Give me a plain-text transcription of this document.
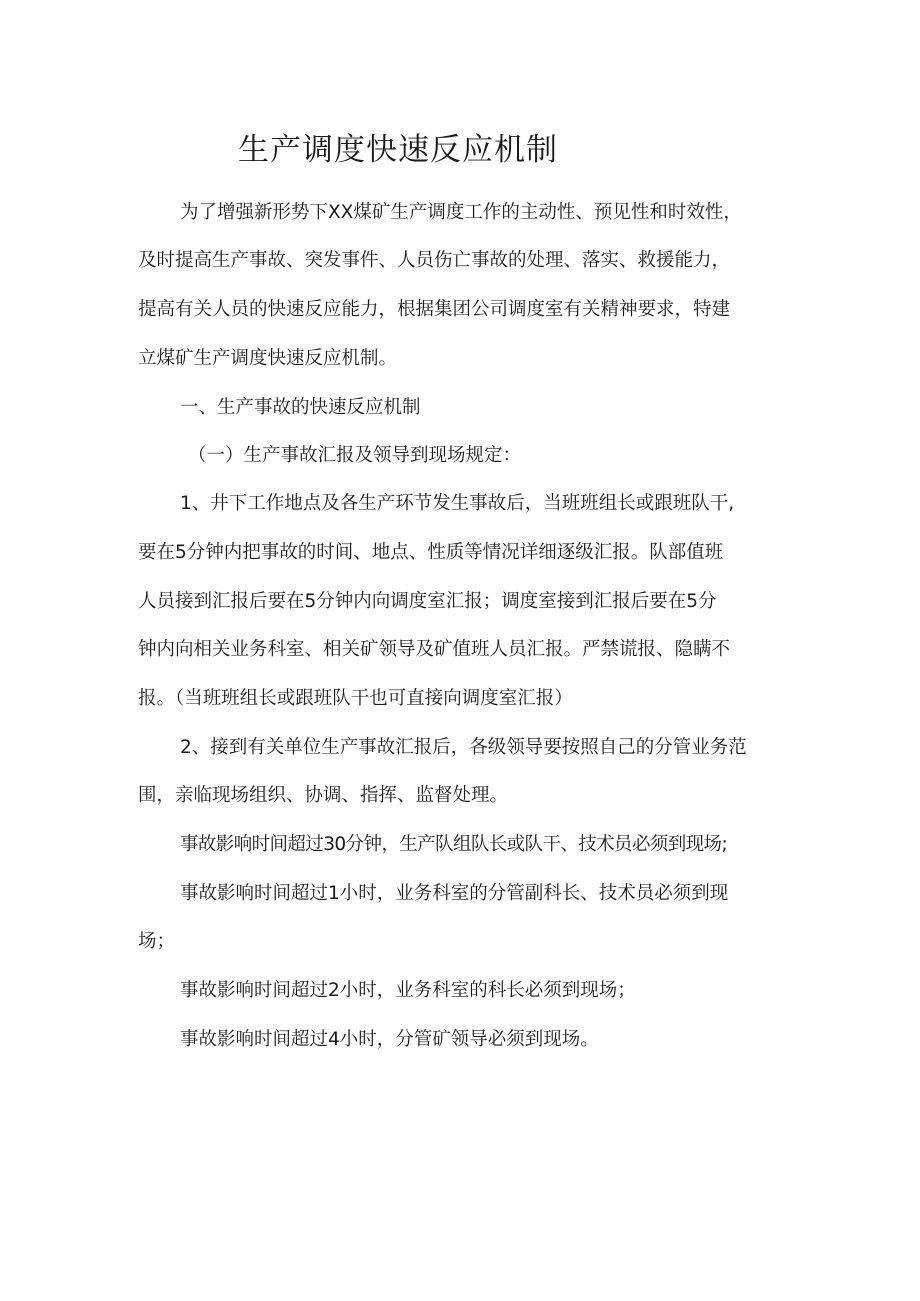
生产调度快速反应机制

为了增强新形势下XX煤矿生产调度工作的主动性、预见性和时效性，

及时提高生产事故、突发事件、人员伤亡事故的处理、落实、救援能力，

提高有关人员的快速反应能力，根据集团公司调度室有关精神要求，特建

立煤矿生产调度快速反应机制。

一、生产事故的快速反应机制

（一）生产事故汇报及领导到现场规定：

1、井下工作地点及各生产环节发生事故后，当班班组长或跟班队干,

要在5分钟内把事故的时间、地点、性质等情况详细逐级汇报。队部值班

人员接到汇报后要在5分钟内向调度室汇报；调度室接到汇报后要在5分

钟内向相关业务科室、相关矿领导及矿值班人员汇报。严禁谎报、隐瞒不

报。（当班班组长或跟班队干也可直接向调度室汇报）

2、接到有关单位生产事故汇报后，各级领导要按照自己的分管业务范

围，亲临现场组织、协调、指挥、监督处理。

事故影响时间超过30分钟，生产队组队长或队干、技术员必须到现场;

事故影响时间超过1小时，业务科室的分管副科长、技术员必须到现

场；

事故影响时间超过2小时，业务科室的科长必须到现场；

事故影响时间超过4小时，分管矿领导必须到现场。
